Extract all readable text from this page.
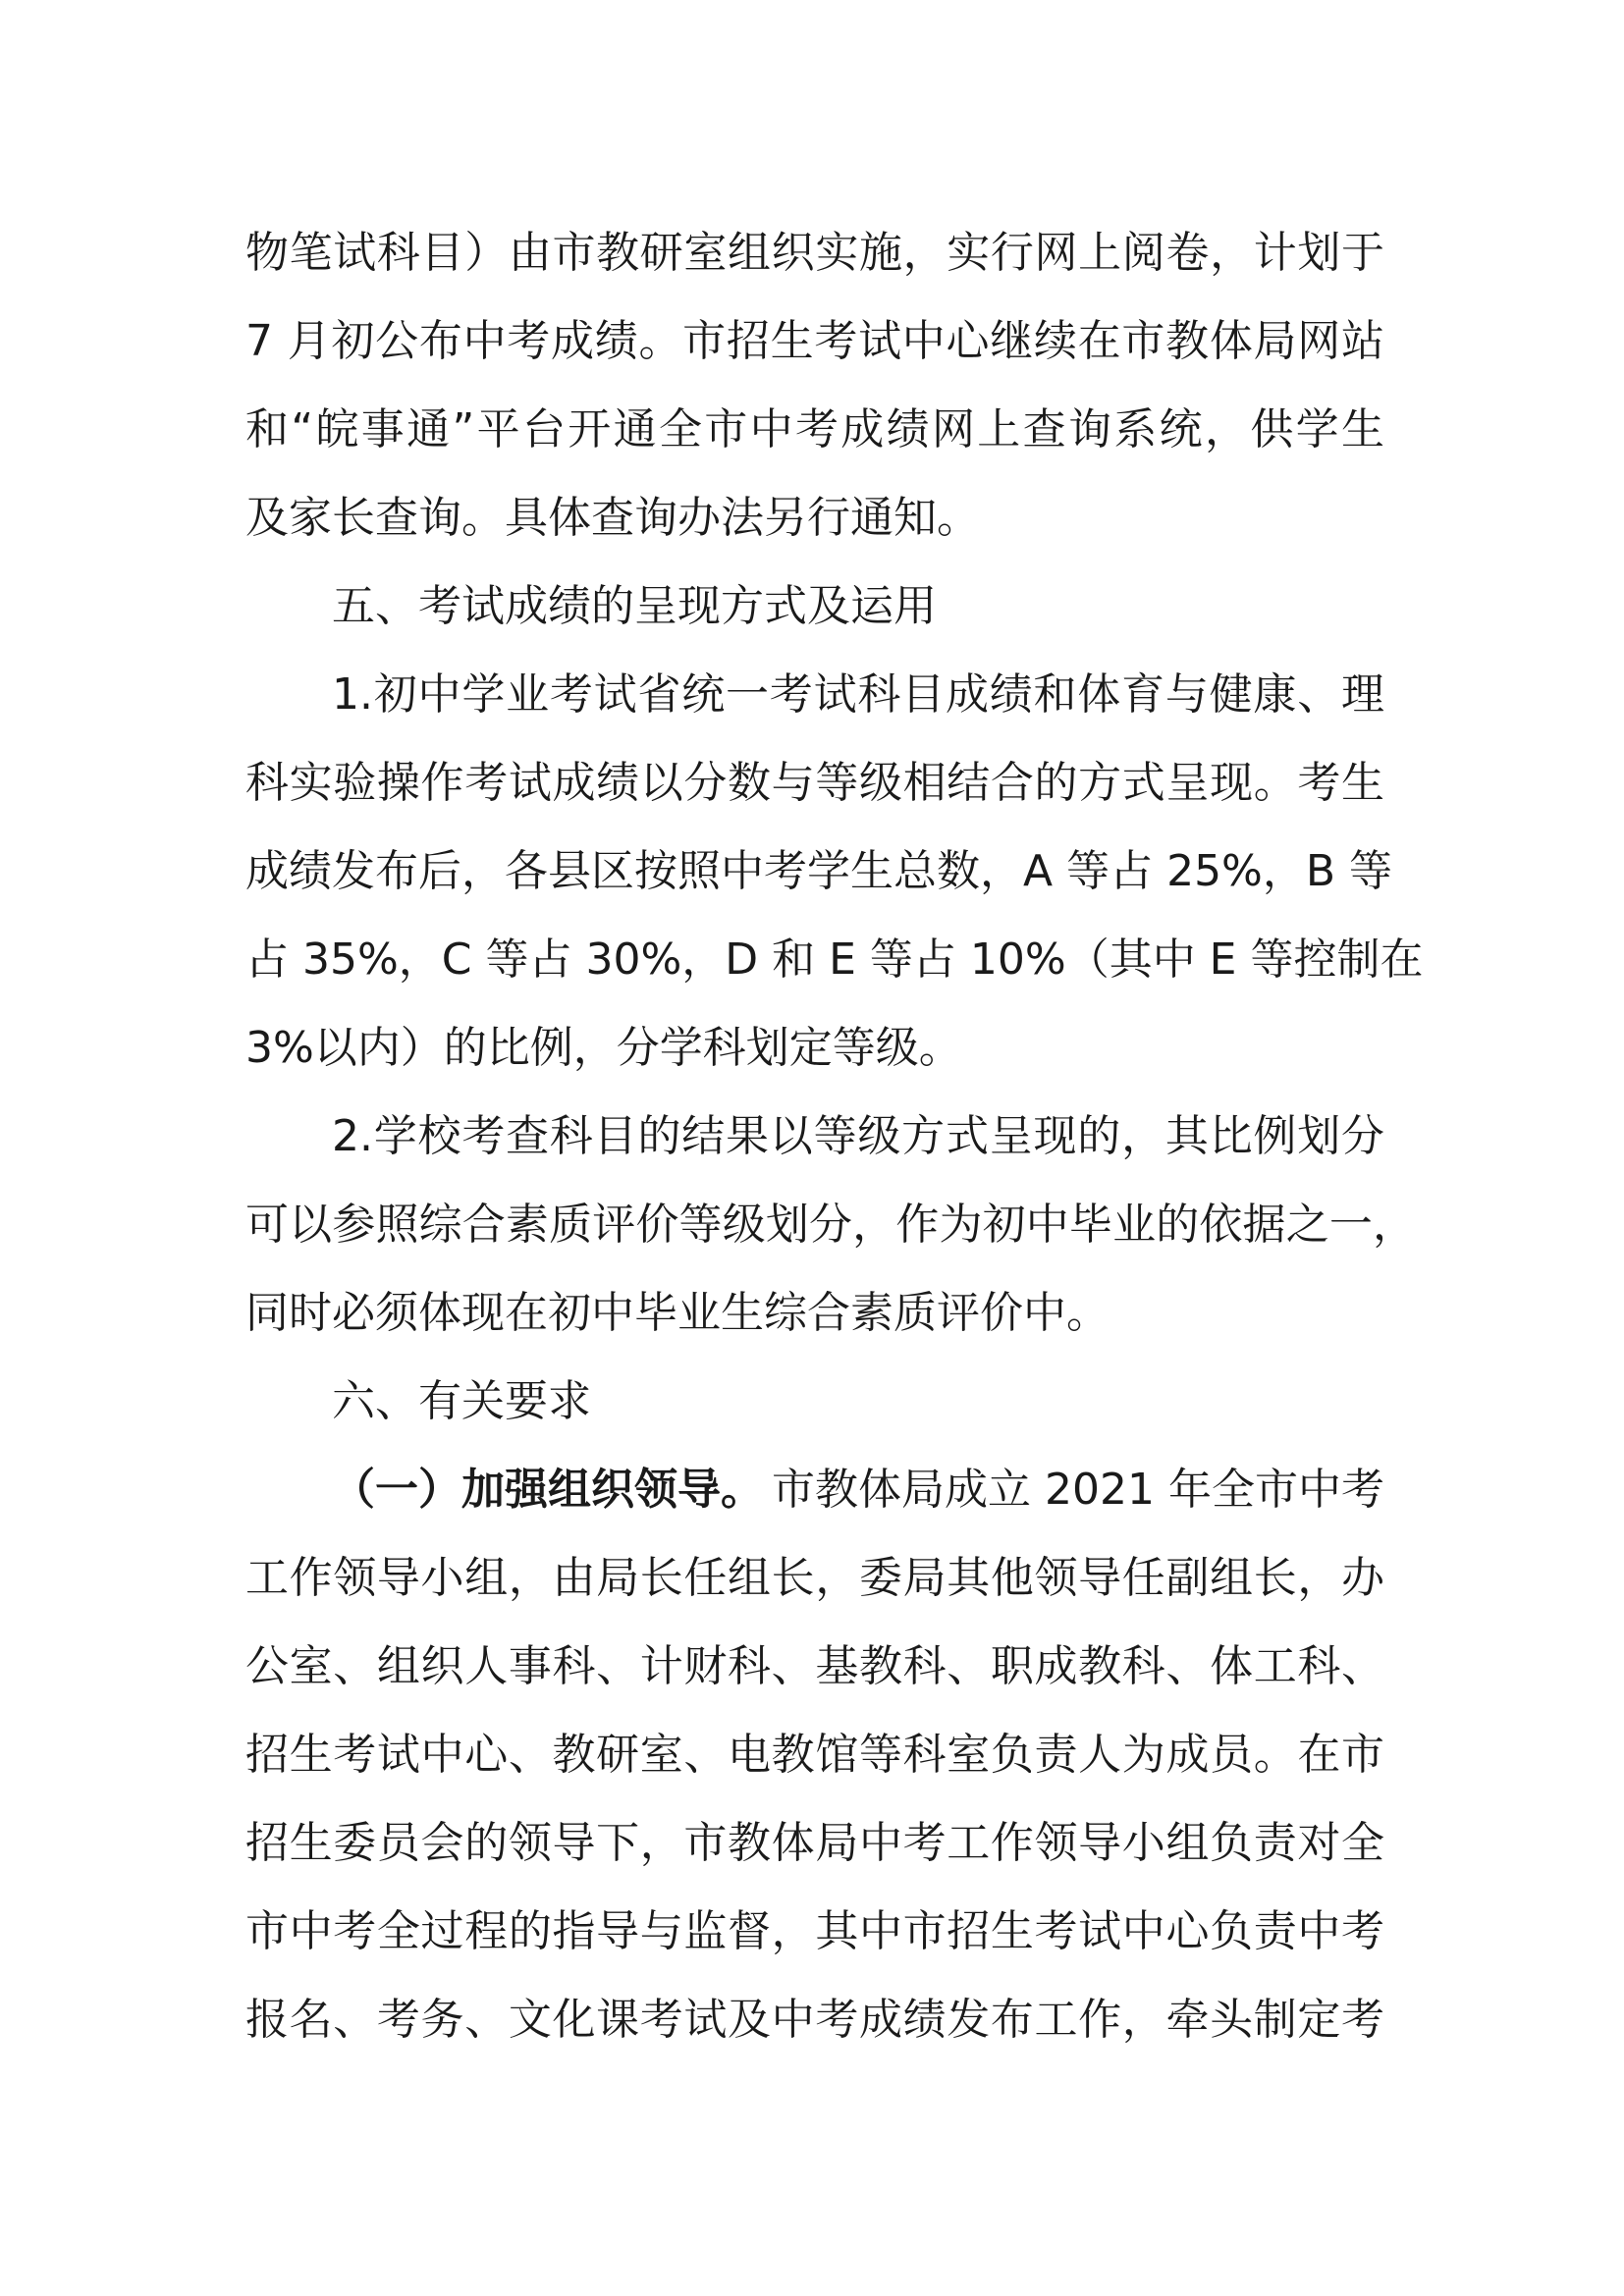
物笔试科目）由市教研室组织实施，实行网上阅卷，计划于
7 月初公布中考成绩。市招生考试中心继续在市教体局网站
和“皖事通”平台开通全市中考成绩网上查询系统，供学生
及家长查询。具体查询办法另行通知。
五、考试成绩的呈现方式及运用
1.初中学业考试省统一考试科目成绩和体育与健康、理
科实验操作考试成绩以分数与等级相结合的方式呈现。考生
成绩发布后，各县区按照中考学生总数，A 等占 25%，B 等
占 35%，C 等占 30%，D 和 E 等占 10%（其中 E 等控制在
3%以内）的比例，分学科划定等级。
2.学校考查科目的结果以等级方式呈现的，其比例划分
可以参照综合素质评价等级划分，作为初中毕业的依据之一，
同时必须体现在初中毕业生综合素质评价中。
六、有关要求
（一）加强组织领导。 市教体局成立 2021 年全市中考
工作领导小组，由局长任组长，委局其他领导任副组长，办
公室、组织人事科、计财科、基教科、职成教科、体工科、
招生考试中心、教研室、电教馆等科室负责人为成员。在市
招生委员会的领导下，市教体局中考工作领导小组负责对全
市中考全过程的指导与监督，其中市招生考试中心负责中考
报名、考务、文化课考试及中考成绩发布工作，牵头制定考
